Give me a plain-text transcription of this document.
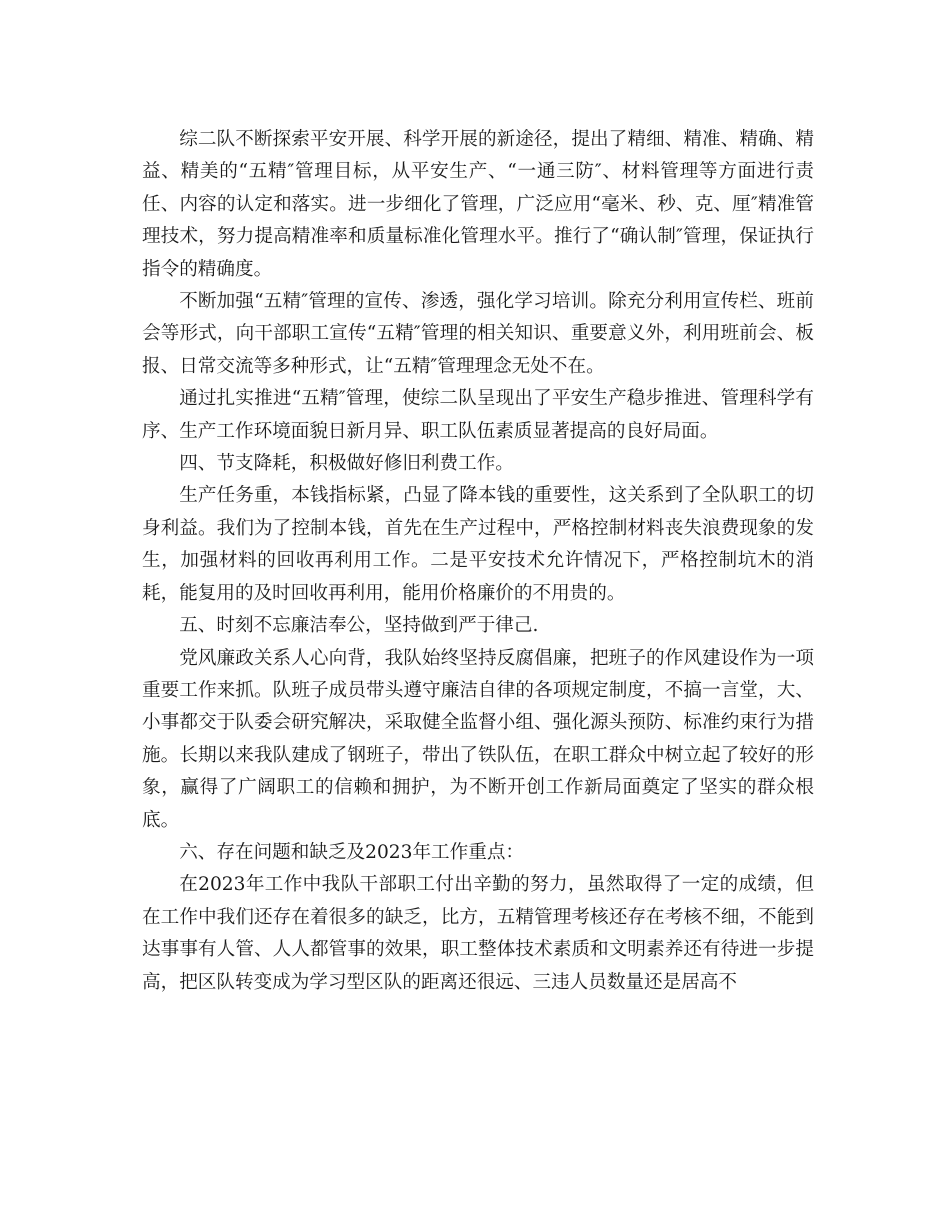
综二队不断探索平安开展、科学开展的新途径，提出了精细、精准、精确、精益、精美的“五精″管理目标，从平安生产、“一通三防″、材料管理等方面进行责任、内容的认定和落实。进一步细化了管理，广泛应用“毫米、秒、克、厘″精准管理技术，努力提高精准率和质量标准化管理水平。推行了“确认制″管理，保证执行指令的精确度。

不断加强“五精″管理的宣传、渗透，强化学习培训。除充分利用宣传栏、班前会等形式，向干部职工宣传“五精″管理的相关知识、重要意义外，利用班前会、板报、日常交流等多种形式，让“五精″管理理念无处不在。

通过扎实推进“五精″管理，使综二队呈现出了平安生产稳步推进、管理科学有序、生产工作环境面貌日新月异、职工队伍素质显著提高的良好局面。

四、节支降耗，积极做好修旧利费工作。

生产任务重，本钱指标紧，凸显了降本钱的重要性，这关系到了全队职工的切身利益。我们为了控制本钱，首先在生产过程中，严格控制材料丧失浪费现象的发生，加强材料的回收再利用工作。二是平安技术允许情况下，严格控制坑木的消耗，能复用的及时回收再利用，能用价格廉价的不用贵的。

五、时刻不忘廉洁奉公，坚持做到严于律己.

党风廉政关系人心向背，我队始终坚持反腐倡廉，把班子的作风建设作为一项重要工作来抓。队班子成员带头遵守廉洁自律的各项规定制度，不搞一言堂，大、小事都交于队委会研究解决，采取健全监督小组、强化源头预防、标准约束行为措施。长期以来我队建成了钢班子，带出了铁队伍，在职工群众中树立起了较好的形象，赢得了广阔职工的信赖和拥护，为不断开创工作新局面奠定了坚实的群众根底。

六、存在问题和缺乏及2023年工作重点：

在2023年工作中我队干部职工付出辛勤的努力，虽然取得了一定的成绩，但在工作中我们还存在着很多的缺乏，比方，五精管理考核还存在考核不细，不能到达事事有人管、人人都管事的效果，职工整体技术素质和文明素养还有待进一步提高，把区队转变成为学习型区队的距离还很远、三违人员数量还是居高不
